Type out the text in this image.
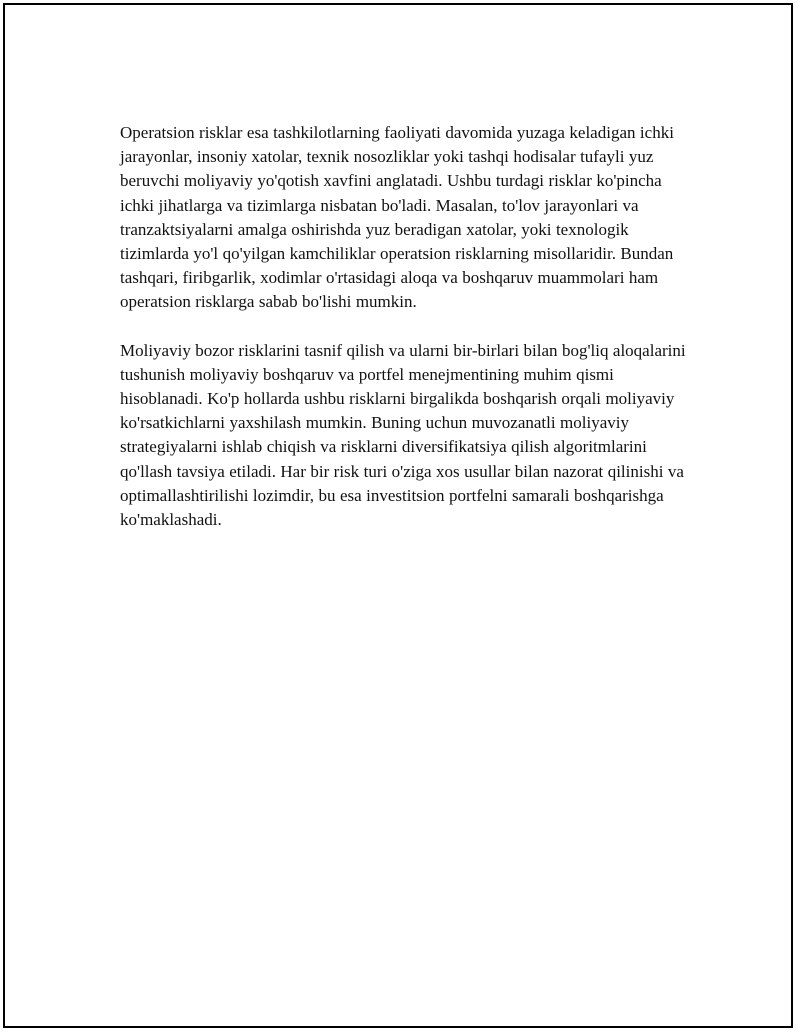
Operatsion risklar esa tashkilotlarning faoliyati davomida yuzaga keladigan ichki jarayonlar, insoniy xatolar, texnik nosozliklar yoki tashqi hodisalar tufayli yuz beruvchi moliyaviy yo'qotish xavfini anglatadi. Ushbu turdagi risklar ko'pincha ichki jihatlarga va tizimlarga nisbatan bo'ladi. Masalan, to'lov jarayonlari va tranzaktsiyalarni amalga oshirishda yuz beradigan xatolar, yoki texnologik tizimlarda yo'l qo'yilgan kamchiliklar operatsion risklarning misollaridir. Bundan tashqari, firibgarlik, xodimlar o'rtasidagi aloqa va boshqaruv muammolari ham operatsion risklarga sabab bo'lishi mumkin.

Moliyaviy bozor risklarini tasnif qilish va ularni bir-birlari bilan bog'liq aloqalarini tushunish moliyaviy boshqaruv va portfel menejmentining muhim qismi hisoblanadi. Ko'p hollarda ushbu risklarni birgalikda boshqarish orqali moliyaviy ko'rsatkichlarni yaxshilash mumkin. Buning uchun muvozanatli moliyaviy strategiyalarni ishlab chiqish va risklarni diversifikatsiya qilish algoritmlarini qo'llash tavsiya etiladi. Har bir risk turi o'ziga xos usullar bilan nazorat qilinishi va optimallashtirilishi lozimdir, bu esa investitsion portfelni samarali boshqarishga ko'maklashadi.
